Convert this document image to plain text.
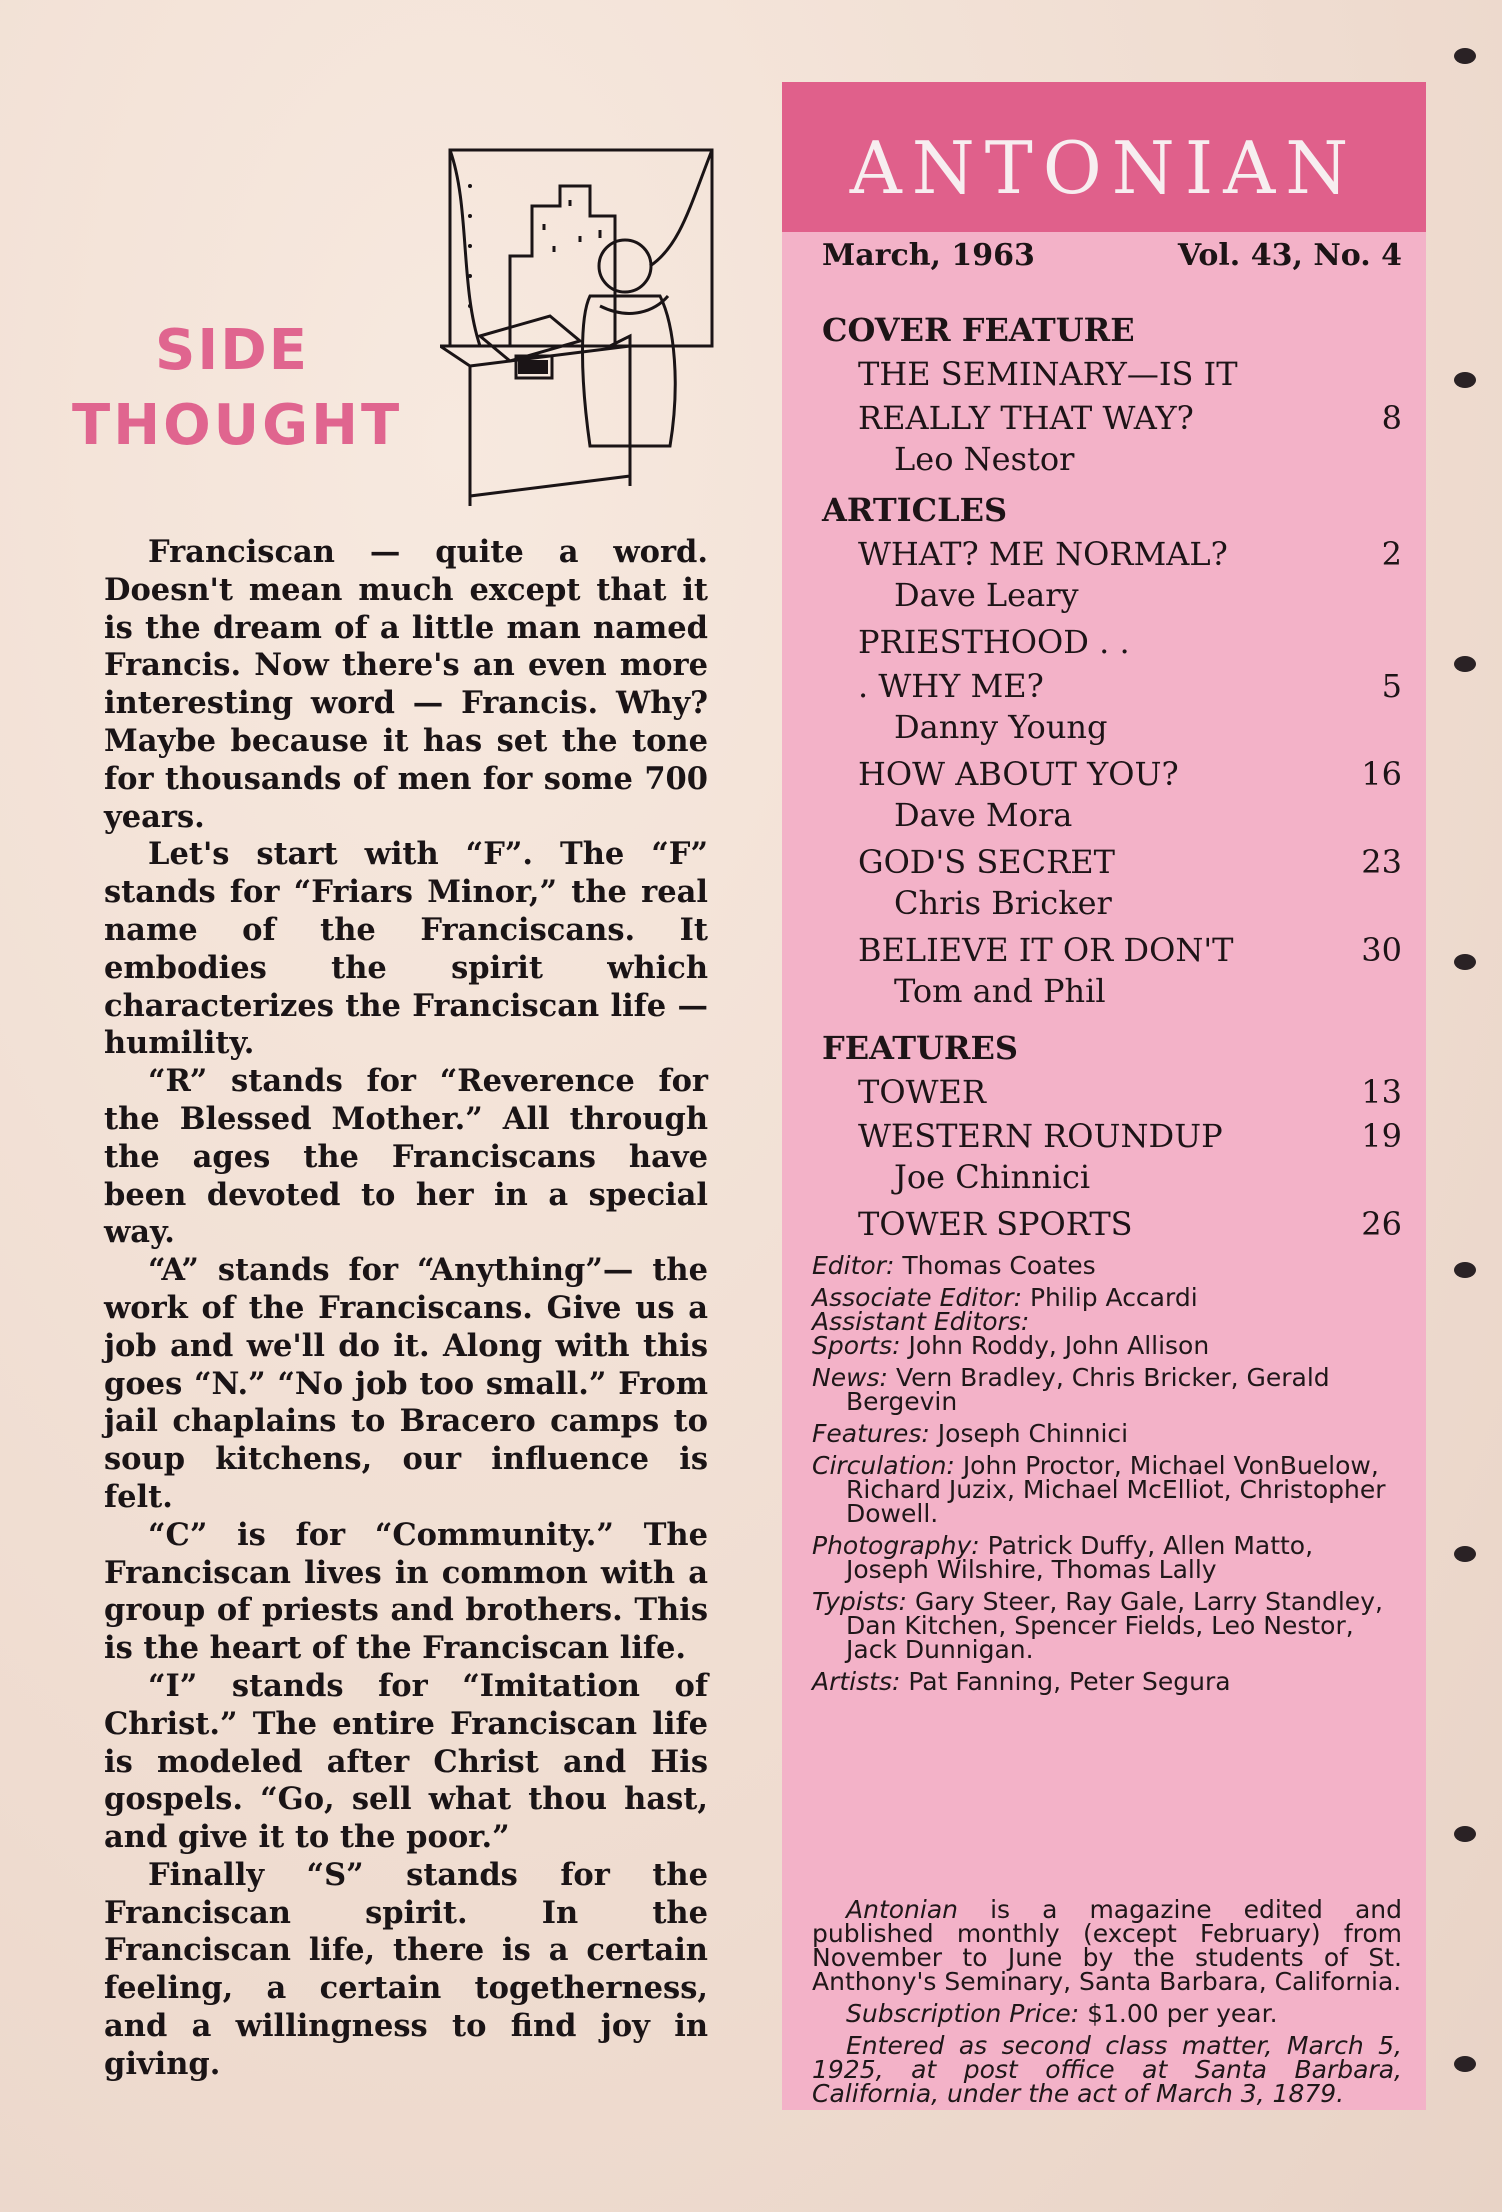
SIDE
THOUGHT

Franciscan — quite a word. Doesn't mean much except that it is the dream of a little man named Francis. Now there's an even more interesting word — Francis. Why? Maybe because it has set the tone for thousands of men for some 700 years.

Let's start with “F”. The “F” stands for “Friars Minor,” the real name of the Franciscans. It embodies the spirit which characterizes the Franciscan life — humility.

“R” stands for “Reverence for the Blessed Mother.” All through the ages the Franciscans have been devoted to her in a special way.

“A” stands for “Anything”— the work of the Franciscans. Give us a job and we'll do it. Along with this goes “N.” “No job too small.” From jail chaplains to Bracero camps to soup kitchens, our influence is felt.

“C” is for “Community.” The Franciscan lives in common with a group of priests and brothers. This is the heart of the Franciscan life.

“I” stands for “Imitation of Christ.” The entire Franciscan life is modeled after Christ and His gospels. “Go, sell what thou hast, and give it to the poor.”

Finally “S” stands for the Franciscan spirit. In the Franciscan life, there is a certain feeling, a certain togetherness, and a willingness to find joy in giving.

ANTONIAN
March, 1963	Vol. 43, No. 4
COVER FEATURE
8
THE SEMINARY—IS IT REALLY THAT WAY?
Leo Nestor
ARTICLES
2
WHAT? ME NORMAL?
Dave Leary
5
PRIESTHOOD . . . WHY ME?
Danny Young
16
HOW ABOUT YOU?
Dave Mora
23
GOD'S SECRET
Chris Bricker
30
BELIEVE IT OR DON'T
Tom and Phil
FEATURES
13
TOWER
19
WESTERN ROUNDUP
Joe Chinnici
26
TOWER SPORTS
Editor: Thomas Coates
Associate Editor: Philip Accardi
Assistant Editors:
Sports: John Roddy, John Allison
News: Vern Bradley, Chris Bricker, Gerald Bergevin
Features: Joseph Chinnici
Circulation: John Proctor, Michael VonBuelow, Richard Juzix, Michael McElliot, Christopher Dowell.
Photography: Patrick Duffy, Allen Matto, Joseph Wilshire, Thomas Lally
Typists: Gary Steer, Ray Gale, Larry Standley, Dan Kitchen, Spencer Fields, Leo Nestor, Jack Dunnigan.
Artists: Pat Fanning, Peter Segura

Antonian is a magazine edited and published monthly (except February) from November to June by the students of St. Anthony's Seminary, Santa Barbara, California.

Subscription Price: $1.00 per year.

Entered as second class matter, March 5, 1925, at post office at Santa Barbara, California, under the act of March 3, 1879.
